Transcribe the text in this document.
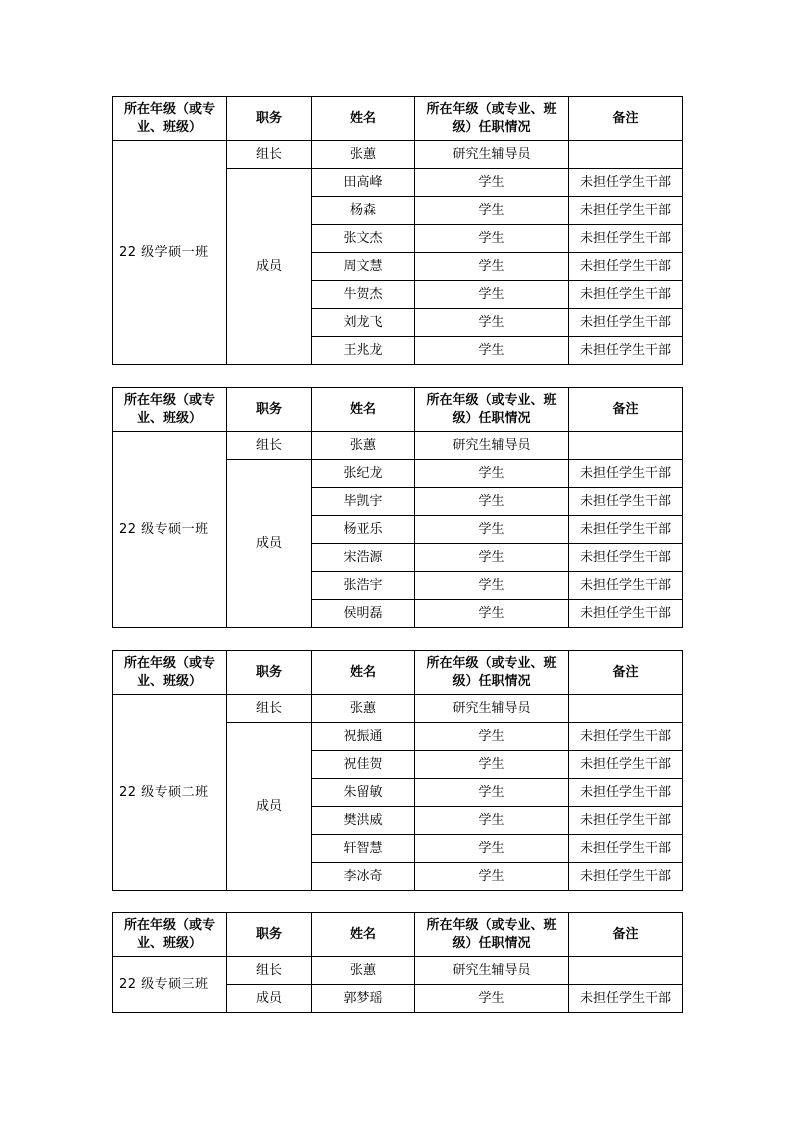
所在年级（或专
业、班级）	职务	姓名	所在年级（或专业、班
级）任职情况	备注
22 级学硕一班	组长	张蕙	研究生辅导员	
	成员	田高峰	学生	未担任学生干部
		杨森	学生	未担任学生干部
		张文杰	学生	未担任学生干部
		周文慧	学生	未担任学生干部
		牛贺杰	学生	未担任学生干部
		刘龙飞	学生	未担任学生干部
		王兆龙	学生	未担任学生干部
所在年级（或专
业、班级）	职务	姓名	所在年级（或专业、班
级）任职情况	备注
22 级专硕一班	组长	张蕙	研究生辅导员	
	成员	张纪龙	学生	未担任学生干部
		毕凯宇	学生	未担任学生干部
		杨亚乐	学生	未担任学生干部
		宋浩源	学生	未担任学生干部
		张浩宇	学生	未担任学生干部
		侯明磊	学生	未担任学生干部
所在年级（或专
业、班级）	职务	姓名	所在年级（或专业、班
级）任职情况	备注
22 级专硕二班	组长	张蕙	研究生辅导员	
	成员	祝振通	学生	未担任学生干部
		祝佳贺	学生	未担任学生干部
		朱留敏	学生	未担任学生干部
		樊洪威	学生	未担任学生干部
		轩智慧	学生	未担任学生干部
		李冰奇	学生	未担任学生干部
所在年级（或专
业、班级）	职务	姓名	所在年级（或专业、班
级）任职情况	备注
22 级专硕三班	组长	张蕙	研究生辅导员	
	成员	郭梦瑶	学生	未担任学生干部
